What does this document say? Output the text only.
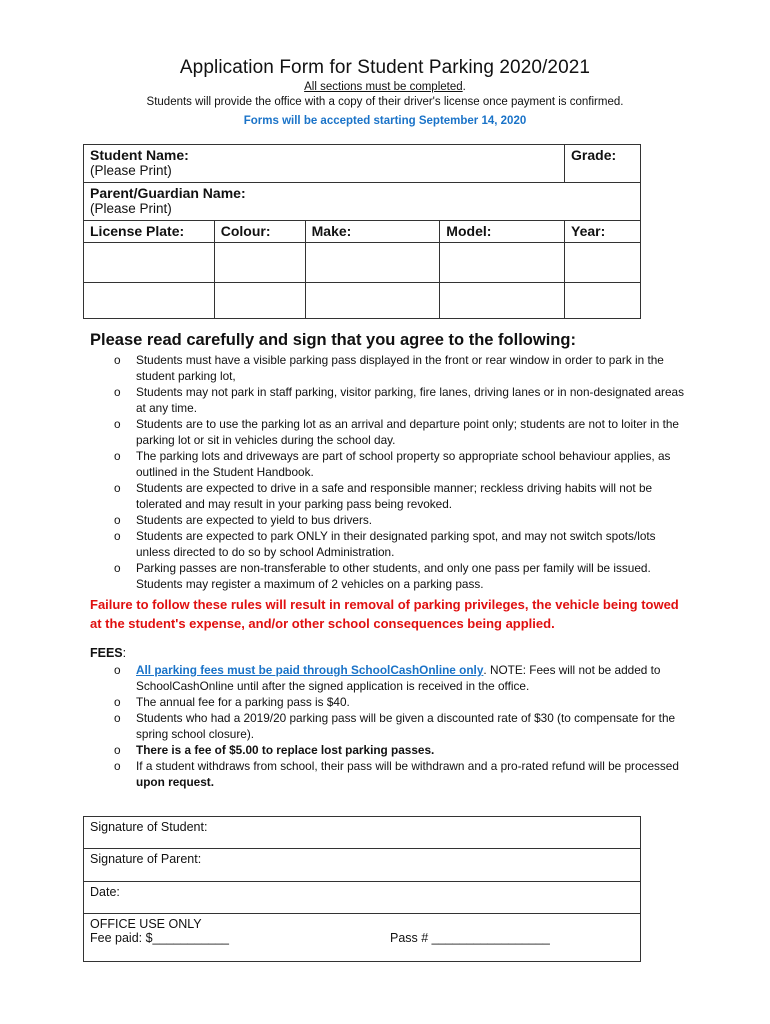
Application Form for Student Parking 2020/2021
All sections must be completed.
Students will provide the office with a copy of their driver's license once payment is confirmed.
Forms will be accepted starting September 14, 2020
Student Name:
(Please Print)				Grade:

Parent/Guardian Name:
(Please Print)				

License Plate:	Colour:	Make:	Model:	Year:

Please read carefully and sign that you agree to the following:
o Students must have a visible parking pass displayed in the front or rear window in order to park in the student parking lot,
o Students may not park in staff parking, visitor parking, fire lanes, driving lanes or in non-designated areas at any time.
o Students are to use the parking lot as an arrival and departure point only; students are not to loiter in the parking lot or sit in vehicles during the school day.
o The parking lots and driveways are part of school property so appropriate school behaviour applies, as outlined in the Student Handbook.
o Students are expected to drive in a safe and responsible manner; reckless driving habits will not be tolerated and may result in your parking pass being revoked.
o Students are expected to yield to bus drivers.
o Students are expected to park ONLY in their designated parking spot, and may not switch spots/lots unless directed to do so by school Administration.
o Parking passes are non-transferable to other students, and only one pass per family will be issued. Students may register a maximum of 2 vehicles on a parking pass.
Failure to follow these rules will result in removal of parking privileges, the vehicle being towed at the student's expense, and/or other school consequences being applied.
FEES:
o All parking fees must be paid through SchoolCashOnline only. NOTE: Fees will not be added to SchoolCashOnline until after the signed application is received in the office.
o The annual fee for a parking pass is $40.
o Students who had a 2019/20 parking pass will be given a discounted rate of $30 (to compensate for the spring school closure).
o There is a fee of $5.00 to replace lost parking passes.
o If a student withdraws from school, their pass will be withdrawn and a pro-rated refund will be processed upon request.
Signature of Student:
Signature of Parent:
Date:

OFFICE USE ONLY
Fee paid: $___________	Pass # _________________
